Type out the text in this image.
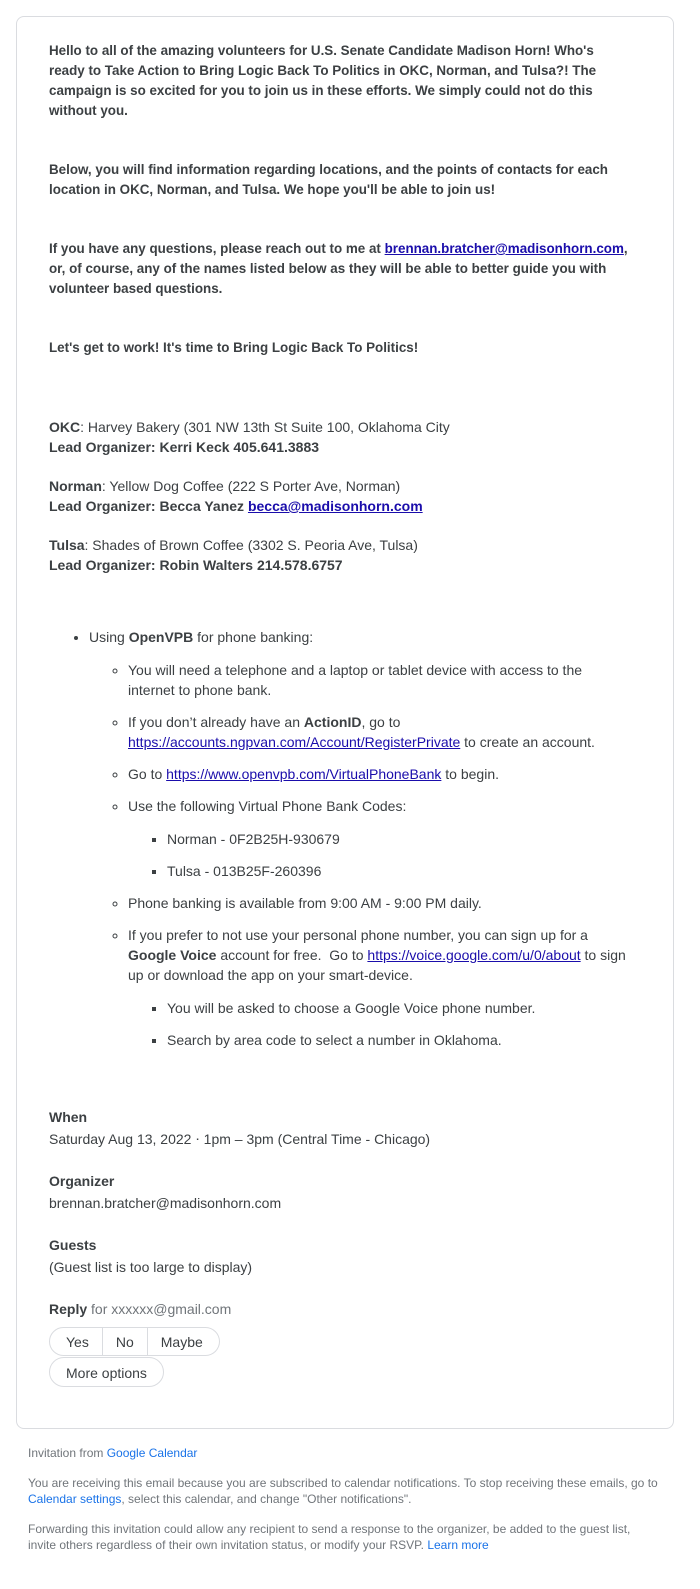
Hello to all of the amazing volunteers for U.S. Senate Candidate Madison Horn! Who's ready to Take Action to Bring Logic Back To Politics in OKC, Norman, and Tulsa?! The campaign is so excited for you to join us in these efforts. We simply could not do this without you.

Below, you will find information regarding locations, and the points of contacts for each location in OKC, Norman, and Tulsa. We hope you'll be able to join us!

If you have any questions, please reach out to me at brennan.bratcher@madisonhorn.com, or, of course, any of the names listed below as they will be able to better guide you with volunteer based questions.

Let's get to work! It's time to Bring Logic Back To Politics!

OKC: Harvey Bakery (301 NW 13th St Suite 100, Oklahoma City

Lead Organizer: Kerri Keck 405.641.3883

Norman: Yellow Dog Coffee (222 S Porter Ave, Norman)

Lead Organizer: Becca Yanez becca@madisonhorn.com

Tulsa: Shades of Brown Coffee (3302 S. Peoria Ave, Tulsa)

Lead Organizer: Robin Walters 214.578.6757

• Using OpenVPB for phone banking:
◦ You will need a telephone and a laptop or tablet device with access to the internet to phone bank.
◦ If you don’t already have an ActionID, go to https://accounts.ngpvan.com/Account/RegisterPrivate to create an account.
◦ Go to https://www.openvpb.com/VirtualPhoneBank to begin.
◦ Use the following Virtual Phone Bank Codes:
▪ Norman - 0F2B25H-930679
▪ Tulsa - 013B25F-260396
◦ Phone banking is available from 9:00 AM - 9:00 PM daily.
◦ If you prefer to not use your personal phone number, you can sign up for a Google Voice account for free.  Go to https://voice.google.com/u/0/about to sign up or download the app on your smart-device.
▪ You will be asked to choose a Google Voice phone number.
▪ Search by area code to select a number in Oklahoma.

When

Saturday Aug 13, 2022 ⋅ 1pm – 3pm (Central Time - Chicago)

Organizer

brennan.bratcher@madisonhorn.com

Guests

(Guest list is too large to display)

Reply for xxxxxx@gmail.com
Yes	No	Maybe
More options

Invitation from Google Calendar

You are receiving this email because you are subscribed to calendar notifications. To stop receiving these emails, go to Calendar settings, select this calendar, and change "Other notifications".

Forwarding this invitation could allow any recipient to send a response to the organizer, be added to the guest list, invite others regardless of their own invitation status, or modify your RSVP. Learn more
